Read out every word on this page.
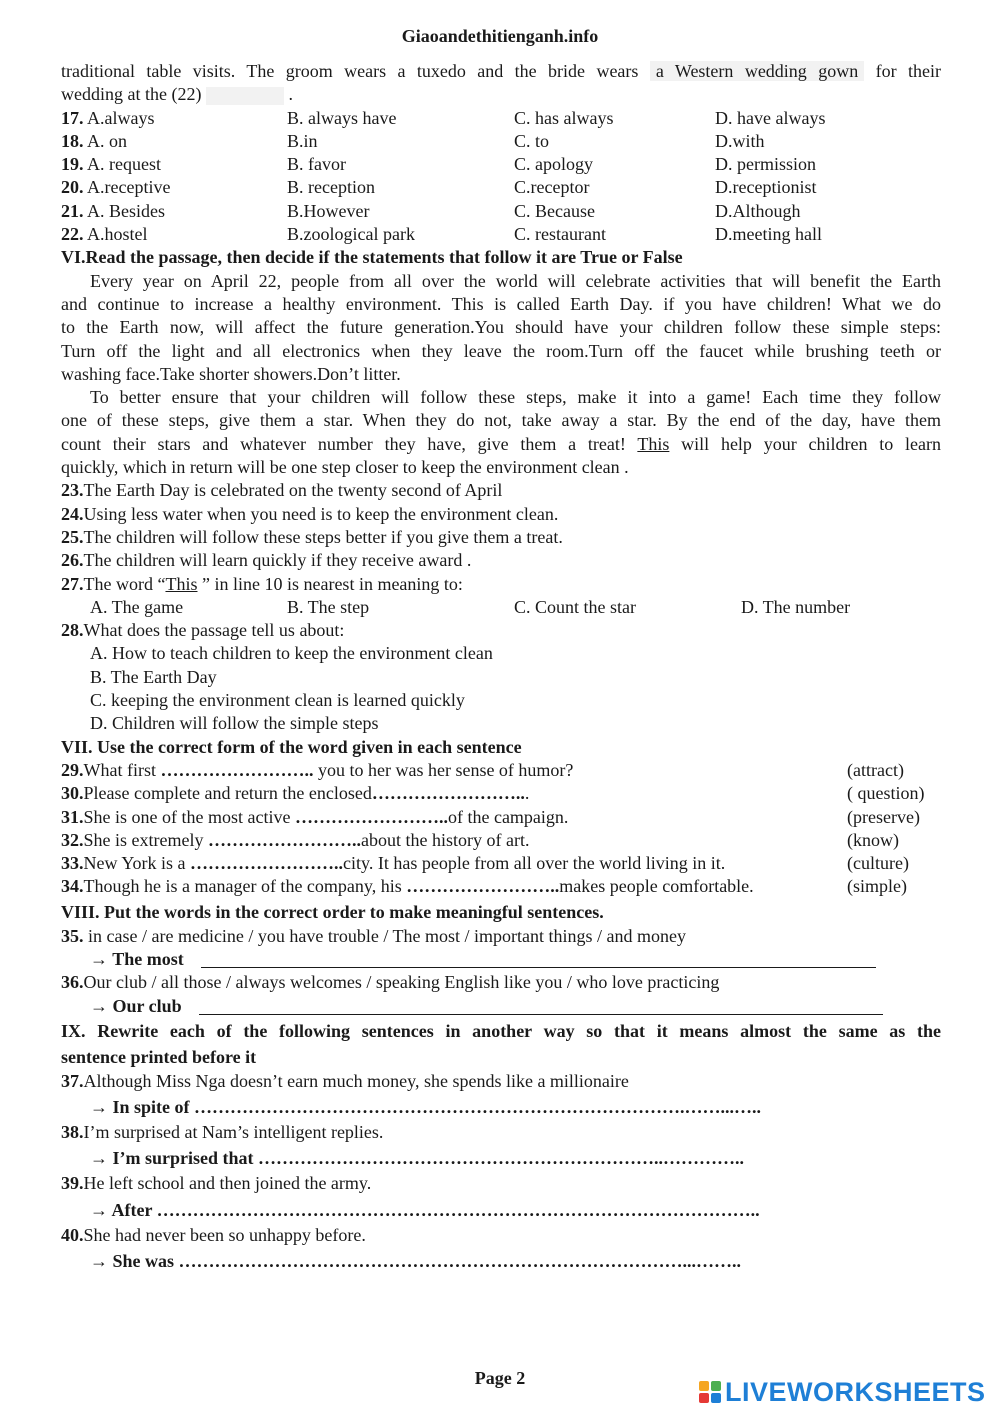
Giaoandethitienganh.info
traditional table visits. The groom wears a tuxedo and the bride wears a Western wedding gown for their
wedding at the (22)	.
17. A.always	B. always have	C. has always	D. have always
18. A. on	B.in	C. to	D.with
19. A. request	B. favor	C. apology	D. permission
20. A.receptive	B. reception	C.receptor	D.receptionist
21. A. Besides	B.However	C. Because	D.Although
22. A.hostel	B.zoological park	C. restaurant	D.meeting hall
VI.Read the passage, then decide if the statements that follow it are True or False
Every year on April 22, people from all over the world will celebrate activities that will benefit the Earth
and continue to increase a healthy environment. This is called Earth Day. if you have children! What we do
to the Earth now, will affect the future generation.You should have your children follow these simple steps:
Turn off the light and all electronics when they leave the room.Turn off the faucet while brushing teeth or
washing face.Take shorter showers.Don’t litter.
To better ensure that your children will follow these steps, make it into a game! Each time they follow
one of these steps, give them a star. When they do not, take away a star. By the end of the day, have them
count their stars and whatever number they have, give them a treat! This will help your children to learn
quickly, which in return will be one step closer to keep the environment clean .
23.The Earth Day is celebrated on the twenty second of April
24.Using less water when you need is to keep the environment clean.
25.The children will follow these steps better if you give them a treat.
26.The children will learn quickly if they receive award .
27.The word “This ” in line 10 is nearest in meaning to:
A. The game	B. The step	C. Count the star	D. The number
28.What does the passage tell us about:
A. How to teach children to keep the environment clean
B. The Earth Day
C. keeping the environment clean is learned quickly
D. Children will follow the simple steps
VII. Use the correct form of the word given in each sentence
29.What first …………………….. you to her was her sense of humor?	(attract)
30.Please complete and return the enclosed……………………...	( question)
31.She is one of the most active ……………………..of the campaign.	(preserve)
32.She is extremely ……………………..about the history of art.	(know)
33.New York is a ……………………..city. It has people from all over the world living in it.	(culture)
34.Though he is a manager of the company, his ……………………..makes people comfortable.	(simple)
VIII. Put the words in the correct order to make meaningful sentences.
35. in case / are medicine / you have trouble / The most / important things / and money
→ The most
36.Our club / all those / always welcomes / speaking English like you / who love practicing
→ Our club
IX. Rewrite each of the following sentences in another way so that it means almost the same as the
sentence printed before it
37.Although Miss Nga doesn’t earn much money, she spends like a millionaire
→ In spite of ……………………………………………………………………….……...…..
38.I’m surprised at Nam’s intelligent replies.
→ I’m surprised that …………………………………………………………..…………..
39.He left school and then joined the army.
→ After ………………………………………………………………………………………..
40.She had never been so unhappy before.
→ She was …………………………………………………………………………...……..
Page 2	LIVEWORKSHEETS
